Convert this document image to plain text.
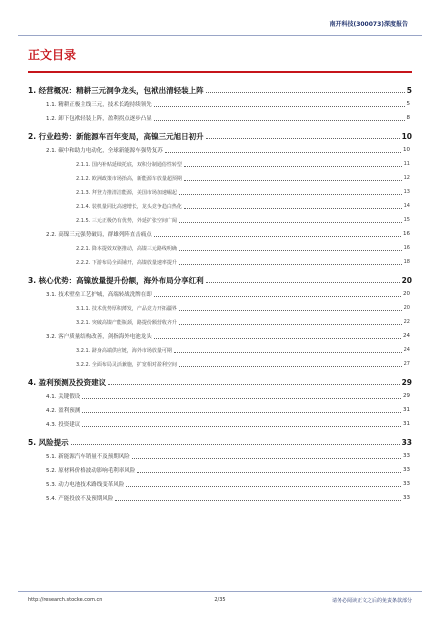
南开科技(300073)深度报告
正文目录
1. 经营概况：精耕三元洞争龙头，包袱出清轻装上阵	5
1.1. 精耕正极主线三元，技术长跑持续领先	5
1.2. 卸下包袱轻装上阵，盈利拐点逐步凸显	8
2. 行业趋势：新能源车百年变局，高镍三元旭日初升	10
2.1. 碳中和助力电动化，全球新能源车强势复苏	10
2.1.1. 国内补贴延续托底，双积分制通俗性转型	11
2.1.2. 欧洲政策市场抬高，新能源车放量超预期	12
2.1.3. 拜登力推清洁能源，美国市场加速崛起	13
2.1.4. 装机量同比高速增长，龙头竞争趋白热化	14
2.1.5. 三元正极仍有优势，外延扩张空间广阔	15
2.2. 高镍三元强势破局，群雄列阵直击痛点	16
2.2.1. 降本提效双驱推动，高镍三元路线明确	16
2.2.2. 下游布局全面铺开，高镍放量速率提升	18
3. 核心优势：高镍放量提升份额，海外布局分享红利	20
3.1. 技术壁垒工艺护城，高端转战洗牌在即	20
3.1.1. 技术优势厚积薄发，产品竞力开拓疆界	20
3.2.1. 突破高镍产能瓶颈，路提份额营收齐升	22
3.2. 客户质量结构改善，剑指海外电池龙头	24
3.2.1. 跻身高端供应链，海外市场放量可期	24
3.2.2. 全面布局灵活兼施，扩宽相对盈利空间	27
4. 盈利预测及投资建议	29
4.1. 关键假设	29
4.2. 盈利预测	31
4.3. 投资建议	31
5. 风险提示	33
5.1. 新能源汽车销量不及预期风险	33
5.2. 原材料价格波动影响毛利率风险	33
5.3. 动力电池技术路线变革风险	33
5.4. 产能投放不及预期风险	33
http://research.stocke.com.cn	2/35	请务必阅读正文之后的免责条款部分
